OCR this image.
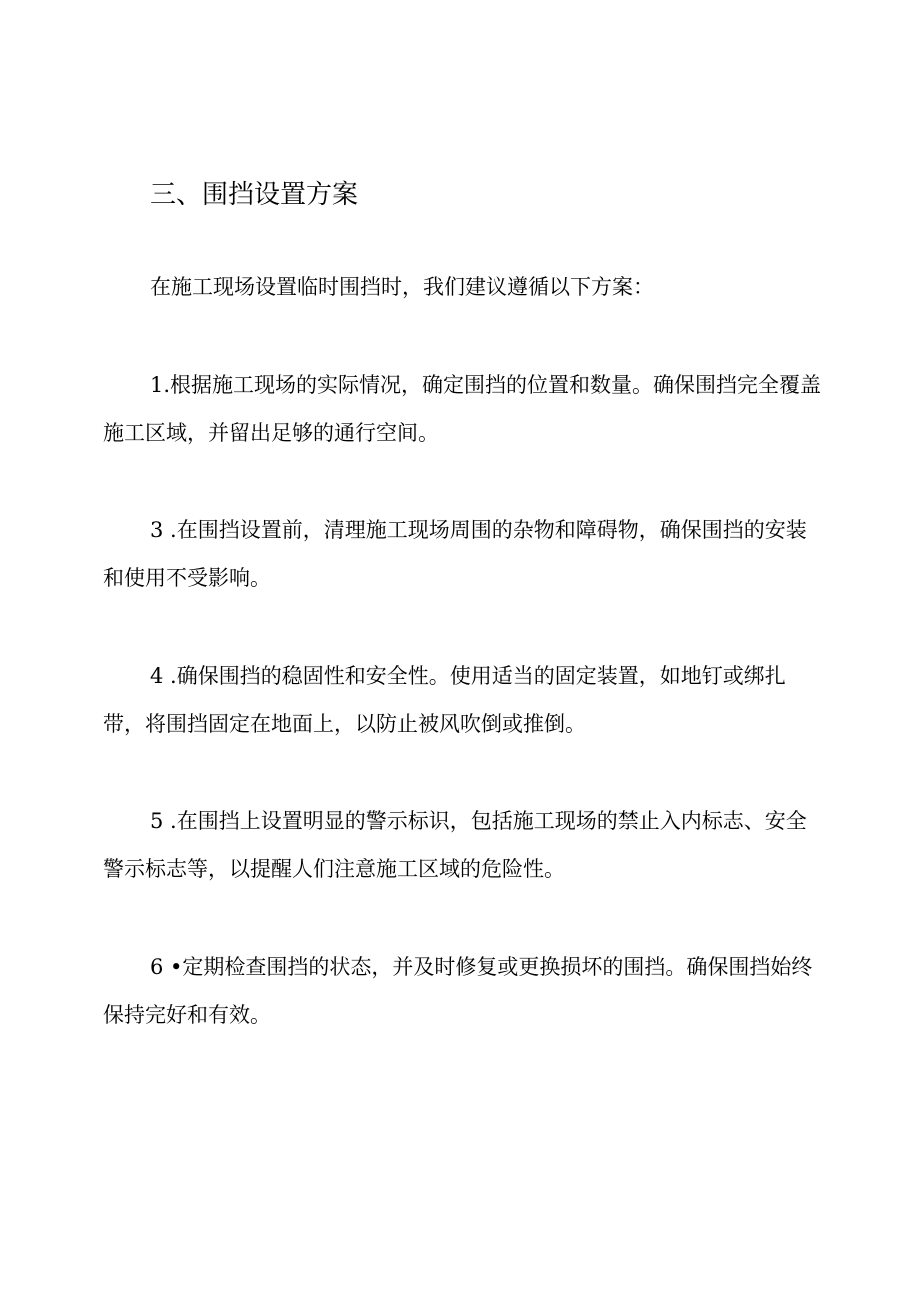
三、围挡设置方案

在施工现场设置临时围挡时，我们建议遵循以下方案：

1.根据施工现场的实际情况，确定围挡的位置和数量。确保围挡完全覆盖施工区域，并留出足够的通行空间。

3 .在围挡设置前，清理施工现场周围的杂物和障碍物，确保围挡的安装和使用不受影响。

4 .确保围挡的稳固性和安全性。使用适当的固定装置，如地钉或绑扎带，将围挡固定在地面上，以防止被风吹倒或推倒。

5 .在围挡上设置明显的警示标识，包括施工现场的禁止入内标志、安全警示标志等，以提醒人们注意施工区域的危险性。

6 •定期检查围挡的状态，并及时修复或更换损坏的围挡。确保围挡始终保持完好和有效。
